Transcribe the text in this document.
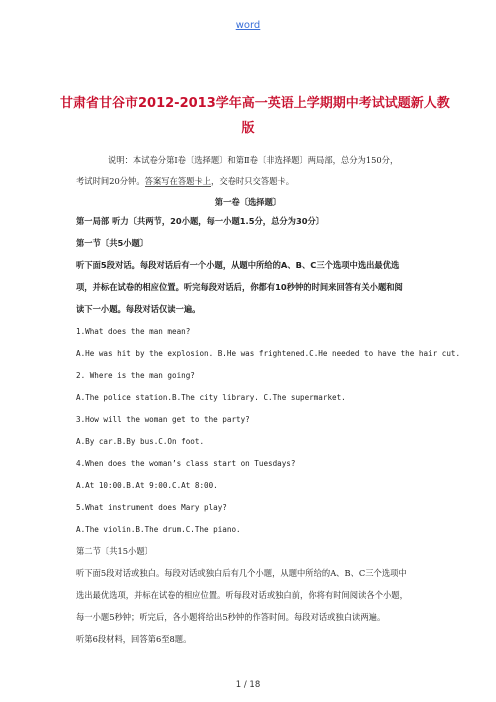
word
甘肃省甘谷市2012-2013学年高一英语上学期期中考试试题新人教
版
说明：本试卷分第Ⅰ卷〔选择题〕和第Ⅱ卷〔非选择题〕两局部，总分为150分，
考试时间20分钟。答案写在答题卡上，交卷时只交答题卡。
第一卷〔选择题〕
第一局部 听力〔共两节，20小题，每一小题1.5分，总分为30分〕
第一节〔共5小题〕
听下面5段对话。每段对话后有一个小题，从题中所给的A、B、C三个选项中选出最优选
项，并标在试卷的相应位置。听完每段对话后，你都有10秒钟的时间来回答有关小题和阅
读下一小题。每段对话仅读一遍。
1.What does the man mean?
A.He was hit by the explosion. B.He was frightened.C.He needed to have the hair cut.
2. Where is the man going?
A.The police station.B.The city library. C.The supermarket.
3.How will the woman get to the party?
A.By car.B.By bus.C.On foot.
4.When does the woman’s class start on Tuesdays?
A.At 10:00.B.At 9:00.C.At 8:00.
5.What instrument does Mary play?
A.The violin.B.The drum.C.The piano.
第二节〔共15小题〕
听下面5段对话或独白。每段对话或独白后有几个小题，从题中所给的A、B、C三个选项中
选出最优选项，并标在试卷的相应位置。听每段对话或独白前，你将有时间阅读各个小题，
每一小题5秒钟；听完后，各小题将给出5秒钟的作答时间。每段对话或独白读两遍。
听第6段材料，回答第6至8题。
1 / 18
